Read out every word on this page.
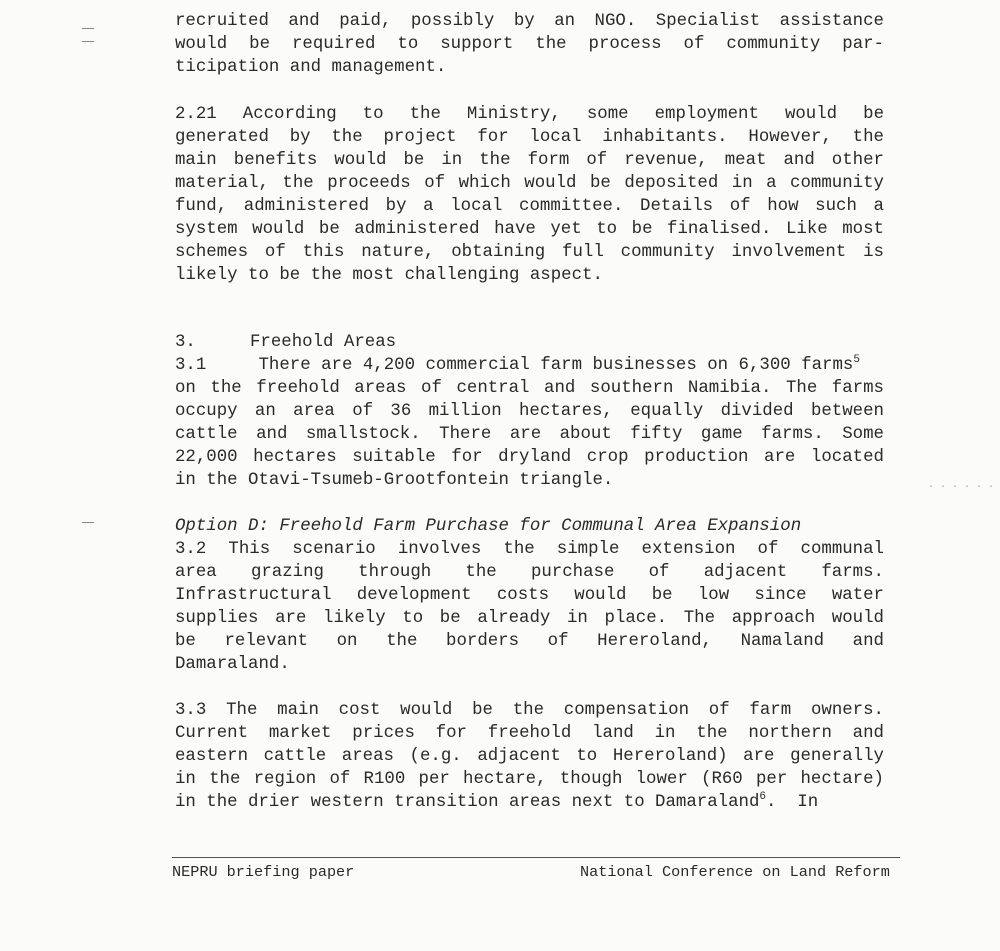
· · · · · ·
recruited and paid, possibly by an NGO. Specialist assistance
would be required to support the process of community par-
ticipation and management.
2.21 According to the Ministry, some employment would be
generated by the project for local inhabitants. However, the
main benefits would be in the form of revenue, meat and other
material, the proceeds of which would be deposited in a community
fund, administered by a local committee. Details of how such a
system would be administered have yet to be finalised. Like most
schemes of this nature, obtaining full community involvement is
likely to be the most challenging aspect.
3.	Freehold Areas
3.1     There are 4,200 commercial farm businesses on 6,300 farms$^5$
on the freehold areas of central and southern Namibia. The farms
occupy an area of 36 million hectares, equally divided between
cattle and smallstock. There are about fifty game farms. Some
22,000 hectares suitable for dryland crop production are located
in the Otavi-Tsumeb-Grootfontein triangle.
Option D: Freehold Farm Purchase for Communal Area Expansion
3.2 This scenario involves the simple extension of communal
area grazing through the purchase of adjacent farms.
Infrastructural development costs would be low since water
supplies are likely to be already in place. The approach would
be relevant on the borders of Hereroland, Namaland and
Damaraland.
3.3 The main cost would be the compensation of farm owners.
Current market prices for freehold land in the northern and
eastern cattle areas (e.g. adjacent to Hereroland) are generally
in the region of R100 per hectare, though lower (R60 per hectare)
in the drier western transition areas next to Damaraland$^6$.  In
NEPRU briefing paper	National Conference on Land Reform
